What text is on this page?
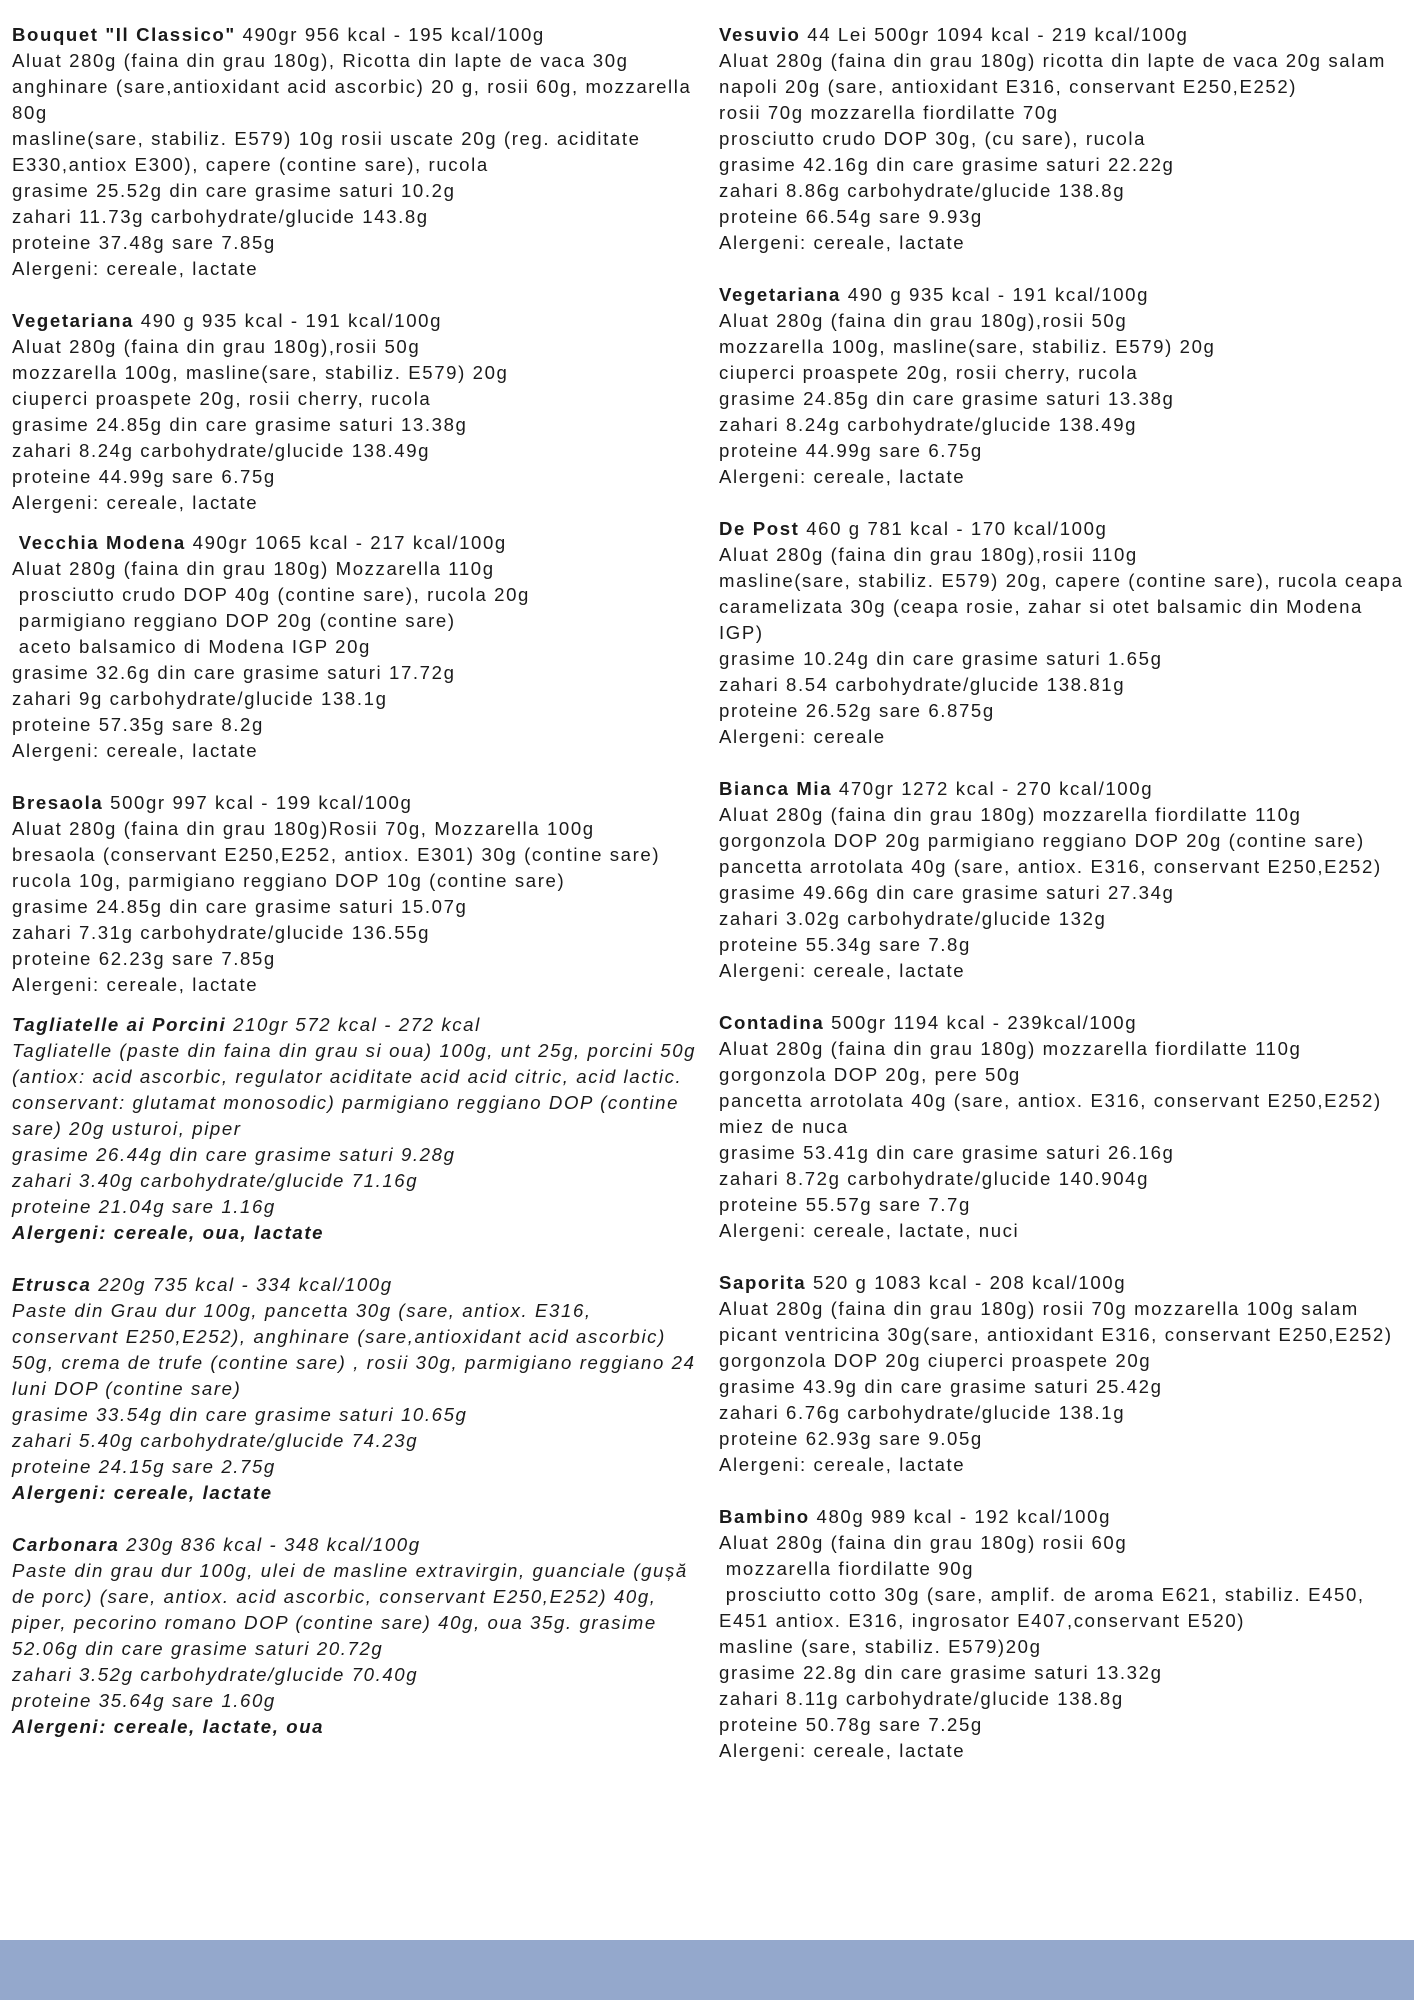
Bouquet "Il Classico" 490gr 956 kcal - 195 kcal/100g
Aluat 280g (faina din grau 180g), Ricotta din lapte de vaca 30g
anghinare (sare,antioxidant acid ascorbic) 20 g, rosii 60g, mozzarella 80g
masline(sare, stabiliz. E579) 10g rosii uscate 20g (reg. aciditate E330,antiox E300), capere (contine sare), rucola
grasime 25.52g din care grasime saturi 10.2g
zahari 11.73g carbohydrate/glucide 143.8g
proteine 37.48g sare 7.85g
Alergeni: cereale, lactate
Vegetariana 490 g 935 kcal - 191 kcal/100g
Aluat 280g (faina din grau 180g),rosii 50g
mozzarella 100g, masline(sare, stabiliz. E579) 20g
ciuperci proaspete 20g, rosii cherry, rucola
grasime 24.85g din care grasime saturi 13.38g
zahari 8.24g carbohydrate/glucide 138.49g
proteine 44.99g sare 6.75g
Alergeni: cereale, lactate
Vecchia Modena 490gr 1065 kcal - 217 kcal/100g
Aluat 280g (faina din grau 180g) Mozzarella 110g
prosciutto crudo DOP 40g (contine sare), rucola 20g
parmigiano reggiano DOP 20g (contine sare)
aceto balsamico di Modena IGP 20g
grasime 32.6g din care grasime saturi 17.72g
zahari 9g carbohydrate/glucide 138.1g
proteine 57.35g sare 8.2g
Alergeni: cereale, lactate
Bresaola 500gr 997 kcal - 199 kcal/100g
Aluat 280g (faina din grau 180g)Rosii 70g, Mozzarella 100g
bresaola (conservant E250,E252, antiox. E301) 30g (contine sare) rucola 10g, parmigiano reggiano DOP 10g (contine sare)
grasime 24.85g din care grasime saturi 15.07g
zahari 7.31g carbohydrate/glucide 136.55g
proteine 62.23g sare 7.85g
Alergeni: cereale, lactate
Tagliatelle ai Porcini 210gr 572 kcal - 272 kcal
Tagliatelle (paste din faina din grau si oua) 100g, unt 25g, porcini 50g (antiox: acid ascorbic, regulator aciditate acid acid citric, acid lactic. conservant: glutamat monosodic) parmigiano reggiano DOP (contine sare) 20g usturoi, piper
grasime 26.44g din care grasime saturi 9.28g
zahari 3.40g carbohydrate/glucide 71.16g
proteine 21.04g sare 1.16g
Alergeni: cereale, oua, lactate
Etrusca 220g 735 kcal - 334 kcal/100g
Paste din Grau dur 100g, pancetta 30g (sare, antiox. E316, conservant E250,E252), anghinare (sare,antioxidant acid ascorbic) 50g, crema de trufe (contine sare) , rosii 30g, parmigiano reggiano 24 luni DOP (contine sare)
grasime 33.54g din care grasime saturi 10.65g
zahari 5.40g carbohydrate/glucide 74.23g
proteine 24.15g sare 2.75g
Alergeni: cereale, lactate
Carbonara 230g 836 kcal - 348 kcal/100g
Paste din grau dur 100g, ulei de masline extravirgin, guanciale (gușă de porc) (sare, antiox. acid ascorbic, conservant E250,E252) 40g, piper, pecorino romano DOP (contine sare) 40g, oua 35g. grasime 52.06g din care grasime saturi 20.72g
zahari 3.52g carbohydrate/glucide 70.40g
proteine 35.64g sare 1.60g
Alergeni: cereale, lactate, oua
Vesuvio 44 Lei 500gr 1094 kcal - 219 kcal/100g
Aluat 280g (faina din grau 180g) ricotta din lapte de vaca 20g salam napoli 20g (sare, antioxidant E316, conservant E250,E252)
rosii 70g mozzarella fiordilatte 70g
prosciutto crudo DOP 30g, (cu sare), rucola
grasime 42.16g din care grasime saturi 22.22g
zahari 8.86g carbohydrate/glucide 138.8g
proteine 66.54g sare 9.93g
Alergeni: cereale, lactate
Vegetariana 490 g 935 kcal - 191 kcal/100g
Aluat 280g (faina din grau 180g),rosii 50g
mozzarella 100g, masline(sare, stabiliz. E579) 20g
ciuperci proaspete 20g, rosii cherry, rucola
grasime 24.85g din care grasime saturi 13.38g
zahari 8.24g carbohydrate/glucide 138.49g
proteine 44.99g sare 6.75g
Alergeni: cereale, lactate
De Post 460 g 781 kcal - 170 kcal/100g
Aluat 280g (faina din grau 180g),rosii 110g
masline(sare, stabiliz. E579) 20g, capere (contine sare), rucola ceapa caramelizata 30g (ceapa rosie, zahar si otet balsamic din Modena IGP)
grasime 10.24g din care grasime saturi 1.65g
zahari 8.54 carbohydrate/glucide 138.81g
proteine 26.52g sare 6.875g
Alergeni: cereale
Bianca Mia 470gr 1272 kcal - 270 kcal/100g
Aluat 280g (faina din grau 180g) mozzarella fiordilatte 110g gorgonzola DOP 20g parmigiano reggiano DOP 20g (contine sare) pancetta arrotolata 40g (sare, antiox. E316, conservant E250,E252)
grasime 49.66g din care grasime saturi 27.34g
zahari 3.02g carbohydrate/glucide 132g
proteine 55.34g sare 7.8g
Alergeni: cereale, lactate
Contadina 500gr 1194 kcal - 239kcal/100g
Aluat 280g (faina din grau 180g) mozzarella fiordilatte 110g
gorgonzola DOP 20g, pere 50g
pancetta arrotolata 40g (sare, antiox. E316, conservant E250,E252)
miez de nuca
grasime 53.41g din care grasime saturi 26.16g
zahari 8.72g carbohydrate/glucide 140.904g
proteine 55.57g sare 7.7g
Alergeni: cereale, lactate, nuci
Saporita 520 g 1083 kcal - 208 kcal/100g
Aluat 280g (faina din grau 180g) rosii 70g mozzarella 100g salam picant ventricina 30g(sare, antioxidant E316, conservant E250,E252)
gorgonzola DOP 20g ciuperci proaspete 20g
grasime 43.9g din care grasime saturi 25.42g
zahari 6.76g carbohydrate/glucide 138.1g
proteine 62.93g sare 9.05g
Alergeni: cereale, lactate
Bambino 480g 989 kcal - 192 kcal/100g
Aluat 280g (faina din grau 180g) rosii 60g
mozzarella fiordilatte 90g
prosciutto cotto 30g (sare, amplif. de aroma E621, stabiliz. E450, E451 antiox. E316, ingrosator E407,conservant E520)
masline (sare, stabiliz. E579)20g
grasime 22.8g din care grasime saturi 13.32g
zahari 8.11g carbohydrate/glucide 138.8g
proteine 50.78g sare 7.25g
Alergeni: cereale, lactate
